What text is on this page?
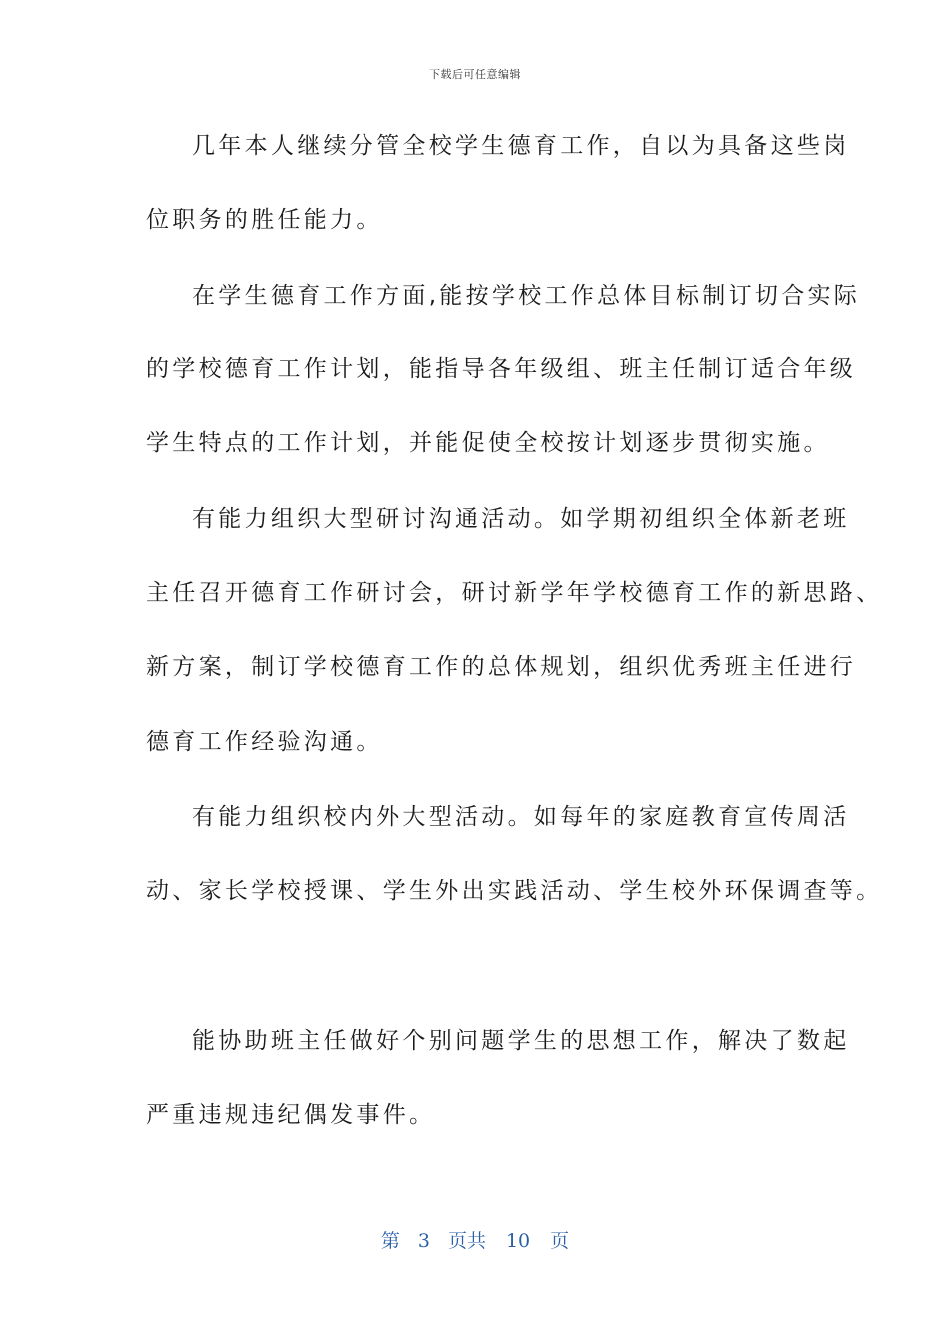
下载后可任意编辑
几年本人继续分管全校学生德育工作，自以为具备这些岗
位职务的胜任能力。
在学生德育工作方面,能按学校工作总体目标制订切合实际
的学校德育工作计划，能指导各年级组、班主任制订适合年级
学生特点的工作计划，并能促使全校按计划逐步贯彻实施。
有能力组织大型研讨沟通活动。如学期初组织全体新老班
主任召开德育工作研讨会，研讨新学年学校德育工作的新思路、
新方案，制订学校德育工作的总体规划，组织优秀班主任进行
德育工作经验沟通。
有能力组织校内外大型活动。如每年的家庭教育宣传周活
动、家长学校授课、学生外出实践活动、学生校外环保调查等。
能协助班主任做好个别问题学生的思想工作，解决了数起
严重违规违纪偶发事件。
第 3 页共 10 页
